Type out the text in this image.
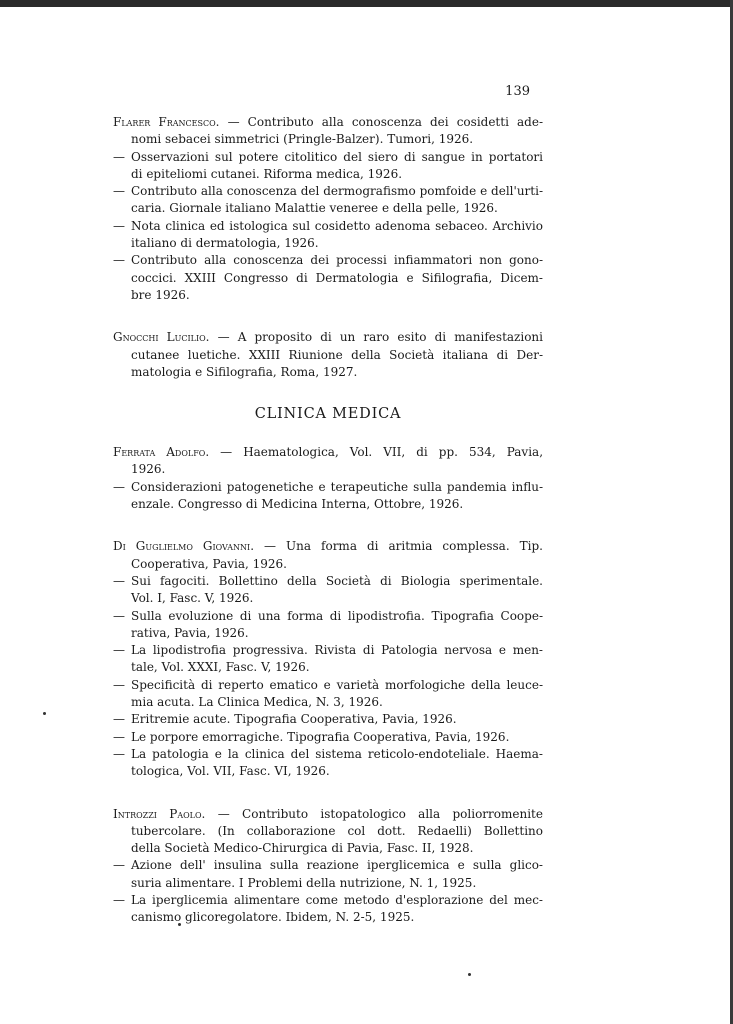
139
Flarer Francesco. — Contributo alla conoscenza dei cosidetti ade-
nomi sebacei simmetrici (Pringle-Balzer). Tumori, 1926.
— Osservazioni sul potere citolitico del siero di sangue in portatori
di epiteliomi cutanei. Riforma medica, 1926.
— Contributo alla conoscenza del dermografismo pomfoide e dell'urti-
caria. Giornale italiano Malattie veneree e della pelle, 1926.
— Nota clinica ed istologica sul cosidetto adenoma sebaceo. Archivio
italiano di dermatologia, 1926.
— Contributo alla conoscenza dei processi infiammatori non gono-
coccici. XXIII Congresso di Dermatologia e Sifilografia, Dicem-
bre 1926.
Gnocchi Lucilio. — A proposito di un raro esito di manifestazioni
cutanee luetiche. XXIII Riunione della Società italiana di Der-
matologia e Sifilografia, Roma, 1927.
CLINICA MEDICA
Ferrata Adolfo. — Haematologica, Vol. VII, di pp. 534, Pavia,
1926.
— Considerazioni patogenetiche e terapeutiche sulla pandemia influ-
enzale. Congresso di Medicina Interna, Ottobre, 1926.
Di Guglielmo Giovanni. — Una forma di aritmia complessa. Tip.
Cooperativa, Pavia, 1926.
— Sui fagociti. Bollettino della Società di Biologia sperimentale.
Vol. I, Fasc. V, 1926.
— Sulla evoluzione di una forma di lipodistrofia. Tipografia Coope-
rativa, Pavia, 1926.
— La lipodistrofia progressiva. Rivista di Patologia nervosa e men-
tale, Vol. XXXI, Fasc. V, 1926.
— Specificità di reperto ematico e varietà morfologiche della leuce-
mia acuta. La Clinica Medica, N. 3, 1926.
— Eritremie acute. Tipografia Cooperativa, Pavia, 1926.
— Le porpore emorragiche. Tipografia Cooperativa, Pavia, 1926.
— La patologia e la clinica del sistema reticolo-endoteliale. Haema-
tologica, Vol. VII, Fasc. VI, 1926.
Introzzi Paolo. — Contributo istopatologico alla poliorromenite
tubercolare. (In collaborazione col dott. Redaelli) Bollettino
della Società Medico-Chirurgica di Pavia, Fasc. II, 1928.
— Azione dell' insulina sulla reazione iperglicemica e sulla glico-
suria alimentare. I Problemi della nutrizione, N. 1, 1925.
— La iperglicemia alimentare come metodo d'esplorazione del mec-
canismo glicoregolatore. Ibidem, N. 2-5, 1925.
